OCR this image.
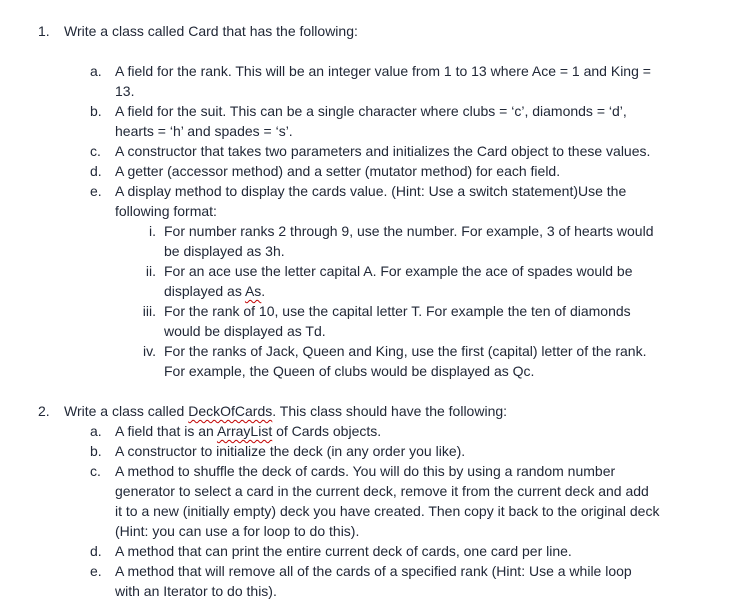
1. Write a class called Card that has the following:
a. A field for the rank. This will be an integer value from 1 to 13 where Ace = 1 and King =
13.
b. A field for the suit. This can be a single character where clubs = ‘c’, diamonds = ‘d’,
hearts = ‘h’ and spades = ‘s’.
c. A constructor that takes two parameters and initializes the Card object to these values.
d. A getter (accessor method) and a setter (mutator method) for each field.
e. A display method to display the cards value. (Hint: Use a switch statement)Use the
following format:
i. For number ranks 2 through 9, use the number. For example, 3 of hearts would
be displayed as 3h.
ii. For an ace use the letter capital A. For example the ace of spades would be
displayed as As.
iii. For the rank of 10, use the capital letter T. For example the ten of diamonds
would be displayed as Td.
iv. For the ranks of Jack, Queen and King, use the first (capital) letter of the rank.
For example, the Queen of clubs would be displayed as Qc.
2. Write a class called DeckOfCards. This class should have the following:
a. A field that is an ArrayList of Cards objects.
b. A constructor to initialize the deck (in any order you like).
c. A method to shuffle the deck of cards. You will do this by using a random number
generator to select a card in the current deck, remove it from the current deck and add
it to a new (initially empty) deck you have created. Then copy it back to the original deck
(Hint: you can use a for loop to do this).
d. A method that can print the entire current deck of cards, one card per line.
e. A method that will remove all of the cards of a specified rank (Hint: Use a while loop
with an Iterator to do this).
